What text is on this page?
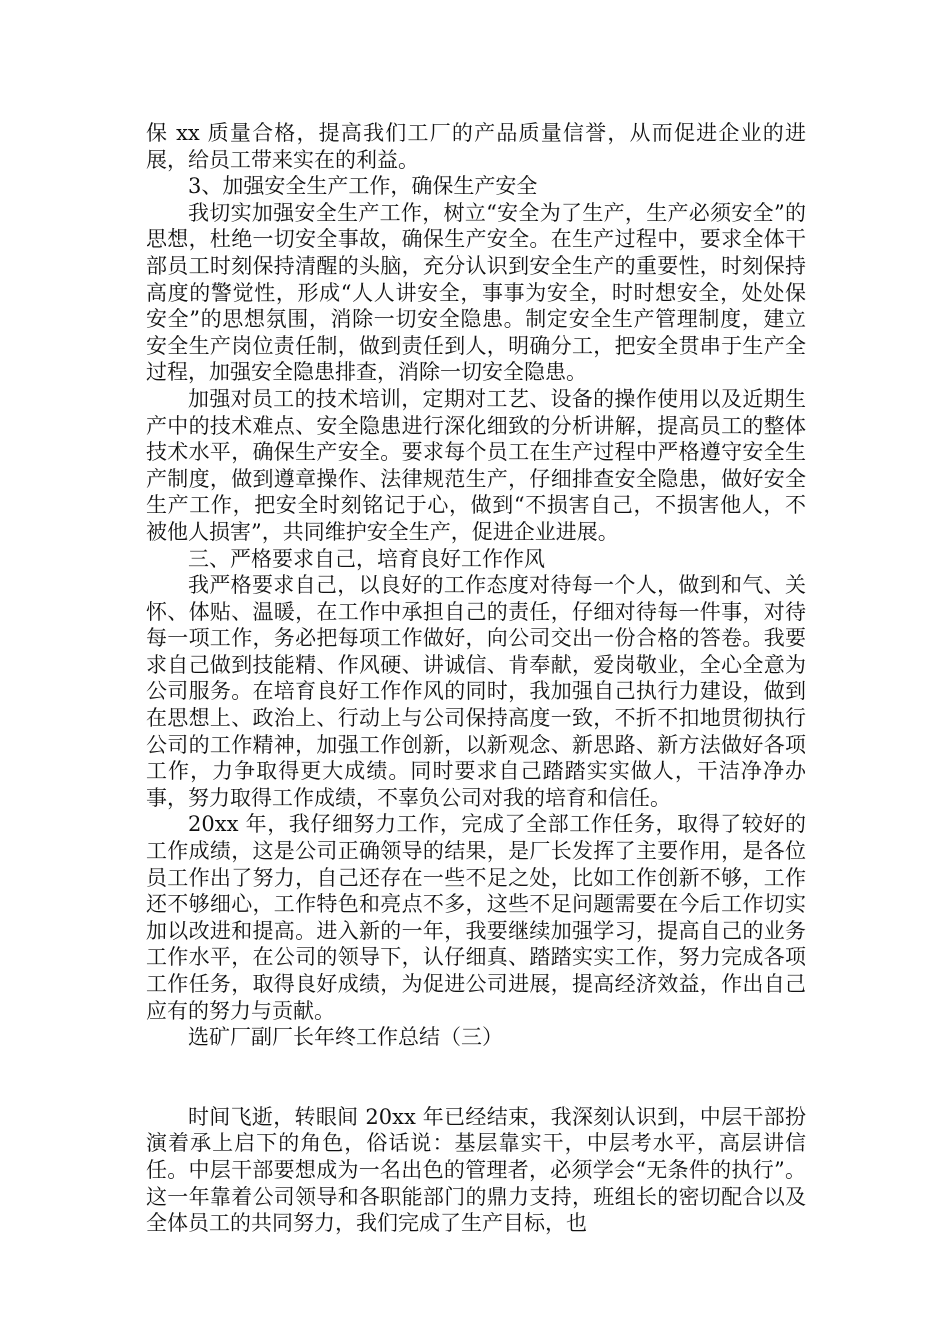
保 xx 质量合格，提高我们工厂的产品质量信誉，从而促进企业的进展，给员工带来实在的利益。

3、加强安全生产工作，确保生产安全

我切实加强安全生产工作，树立“安全为了生产，生产必须安全”的思想，杜绝一切安全事故，确保生产安全。在生产过程中，要求全体干部员工时刻保持清醒的头脑，充分认识到安全生产的重要性，时刻保持高度的警觉性，形成“人人讲安全，事事为安全，时时想安全，处处保安全”的思想氛围，消除一切安全隐患。制定安全生产管理制度，建立安全生产岗位责任制，做到责任到人，明确分工，把安全贯串于生产全过程，加强安全隐患排查，消除一切安全隐患。

加强对员工的技术培训，定期对工艺、设备的操作使用以及近期生产中的技术难点、安全隐患进行深化细致的分析讲解，提高员工的整体技术水平，确保生产安全。要求每个员工在生产过程中严格遵守安全生产制度，做到遵章操作、法律规范生产，仔细排查安全隐患，做好安全生产工作，把安全时刻铭记于心，做到“不损害自己，不损害他人，不被他人损害”，共同维护安全生产，促进企业进展。

三、严格要求自己，培育良好工作作风

我严格要求自己，以良好的工作态度对待每一个人，做到和气、关怀、体贴、温暖，在工作中承担自己的责任，仔细对待每一件事，对待每一项工作，务必把每项工作做好，向公司交出一份合格的答卷。我要求自己做到技能精、作风硬、讲诚信、肯奉献，爱岗敬业，全心全意为公司服务。在培育良好工作作风的同时，我加强自己执行力建设，做到在思想上、政治上、行动上与公司保持高度一致，不折不扣地贯彻执行公司的工作精神，加强工作创新，以新观念、新思路、新方法做好各项工作，力争取得更大成绩。同时要求自己踏踏实实做人，干洁净净办事，努力取得工作成绩，不辜负公司对我的培育和信任。

20xx 年，我仔细努力工作，完成了全部工作任务，取得了较好的工作成绩，这是公司正确领导的结果，是厂长发挥了主要作用，是各位员工作出了努力，自己还存在一些不足之处，比如工作创新不够，工作还不够细心，工作特色和亮点不多，这些不足问题需要在今后工作切实加以改进和提高。进入新的一年，我要继续加强学习，提高自己的业务工作水平，在公司的领导下，认仔细真、踏踏实实工作，努力完成各项工作任务，取得良好成绩，为促进公司进展，提高经济效益，作出自己应有的努力与贡献。

选矿厂副厂长年终工作总结（三）

时间飞逝，转眼间 20xx 年已经结束，我深刻认识到，中层干部扮演着承上启下的角色，俗话说：基层靠实干，中层考水平，高层讲信任。中层干部要想成为一名出色的管理者，必须学会“无条件的执行”。这一年靠着公司领导和各职能部门的鼎力支持，班组长的密切配合以及全体员工的共同努力，我们完成了生产目标，也
